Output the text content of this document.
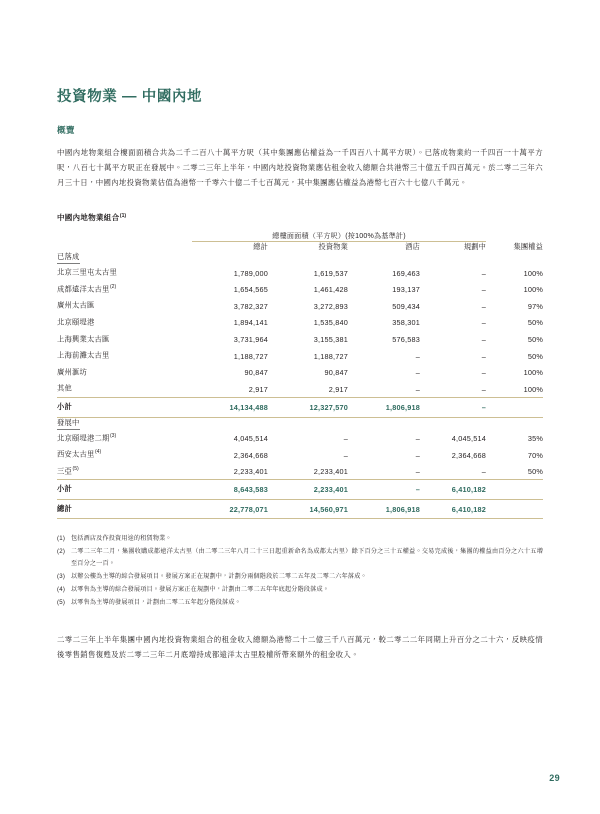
投資物業 — 中國內地
概覽

中國內地物業組合樓面面積合共為二千二百八十萬平方呎（其中集團應佔權益為一千四百八十萬平方呎）。已落成物業約一千四百一十萬平方呎，八百七十萬平方呎正在發展中。二零二三年上半年，中國內地投資物業應佔租金收入總額合共港幣三十億五千四百萬元。於二零二三年六月三十日，中國內地投資物業估值為港幣一千零六十億二千七百萬元，其中集團應佔權益為港幣七百六十七億八千萬元。

中國內地物業組合$^{(1)}$
	總樓面面積（平方呎）(按100%為基準計)				
	總計	投資物業	酒店	規劃中	集團權益
已落成					
北京三里屯太古里	1,789,000	1,619,537	169,463	–	100%
成都遠洋太古里$^{(2)}$	1,654,565	1,461,428	193,137	–	100%
廣州太古匯	3,782,327	3,272,893	509,434	–	97%
北京頤堤港	1,894,141	1,535,840	358,301	–	50%
上海興業太古匯	3,731,964	3,155,381	576,583	–	50%
上海前灘太古里	1,188,727	1,188,727	–	–	50%
廣州滙坊	90,847	90,847	–	–	100%
其他	2,917	2,917	–	–	100%
小計	14,134,488	12,327,570	1,806,918	–	
發展中					
北京頤堤港二期$^{(3)}$	4,045,514	–	–	4,045,514	35%
西安太古里$^{(4)}$	2,364,668	–	–	2,364,668	70%
三亞$^{(5)}$	2,233,401	2,233,401	–	–	50%
小計	8,643,583	2,233,401	–	6,410,182	
總計	22,778,071	14,560,971	1,806,918	6,410,182	
(1) 包括酒店及作投資用途的租賃物業。
(2) 二零二三年二月，集團收購成都遠洋太古里（由二零二三年八月二十三日起重新命名為成都太古里）餘下百分之三十五權益。交易完成後，集團的權益由百分之六十五增至百分之一百。
(3) 以辦公樓為主導的綜合發展項目。發展方案正在規劃中，計劃分兩個階段於二零二五年及二零二六年落成。
(4) 以零售為主導的綜合發展項目。發展方案正在規劃中，計劃由二零二五年年底起分階段落成。
(5) 以零售為主導的發展項目，計劃由二零二五年起分階段落成。

二零二三年上半年集團中國內地投資物業組合的租金收入總額為港幣二十二億三千八百萬元，較二零二二年同期上升百分之二十六，反映疫情後零售銷售復甦及於二零二三年二月底增持成都遠洋太古里股權所帶來額外的租金收入。

29
